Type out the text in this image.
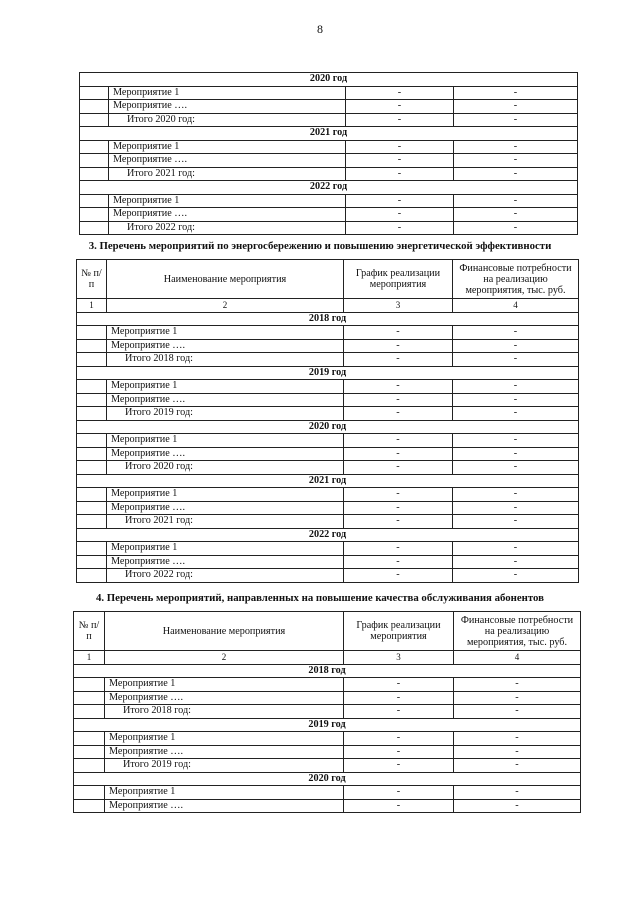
8
2020 год			
	Мероприятие 1	-	-
	Мероприятие ….	-	-
	Итого 2020 год:	-	-
2021 год			
	Мероприятие 1	-	-
	Мероприятие ….	-	-
	Итого 2021 год:	-	-
2022 год			
	Мероприятие 1	-	-
	Мероприятие ….	-	-
	Итого 2022 год:	-	-
3. Перечень мероприятий по энергосбережению и повышению энергетической эффективности
№ п/п	Наименование мероприятия	График реализации мероприятия	Финансовые потребности на реализацию мероприятия, тыс. руб.
1	2	3	4
2018 год			
	Мероприятие 1	-	-
	Мероприятие ….	-	-
	Итого 2018 год:	-	-
2019 год			
	Мероприятие 1	-	-
	Мероприятие ….	-	-
	Итого 2019 год:	-	-
2020 год			
	Мероприятие 1	-	-
	Мероприятие ….	-	-
	Итого 2020 год:	-	-
2021 год			
	Мероприятие 1	-	-
	Мероприятие ….	-	-
	Итого 2021 год:	-	-
2022 год			
	Мероприятие 1	-	-
	Мероприятие ….	-	-
	Итого 2022 год:	-	-
4. Перечень мероприятий, направленных на повышение качества обслуживания абонентов
№ п/п	Наименование мероприятия	График реализации мероприятия	Финансовые потребности на реализацию мероприятия, тыс. руб.
1	2	3	4
2018 год			
	Мероприятие 1	-	-
	Мероприятие ….	-	-
	Итого 2018 год:	-	-
2019 год			
	Мероприятие 1	-	-
	Мероприятие ….	-	-
	Итого 2019 год:	-	-
2020 год			
	Мероприятие 1	-	-
	Мероприятие ….	-	-
